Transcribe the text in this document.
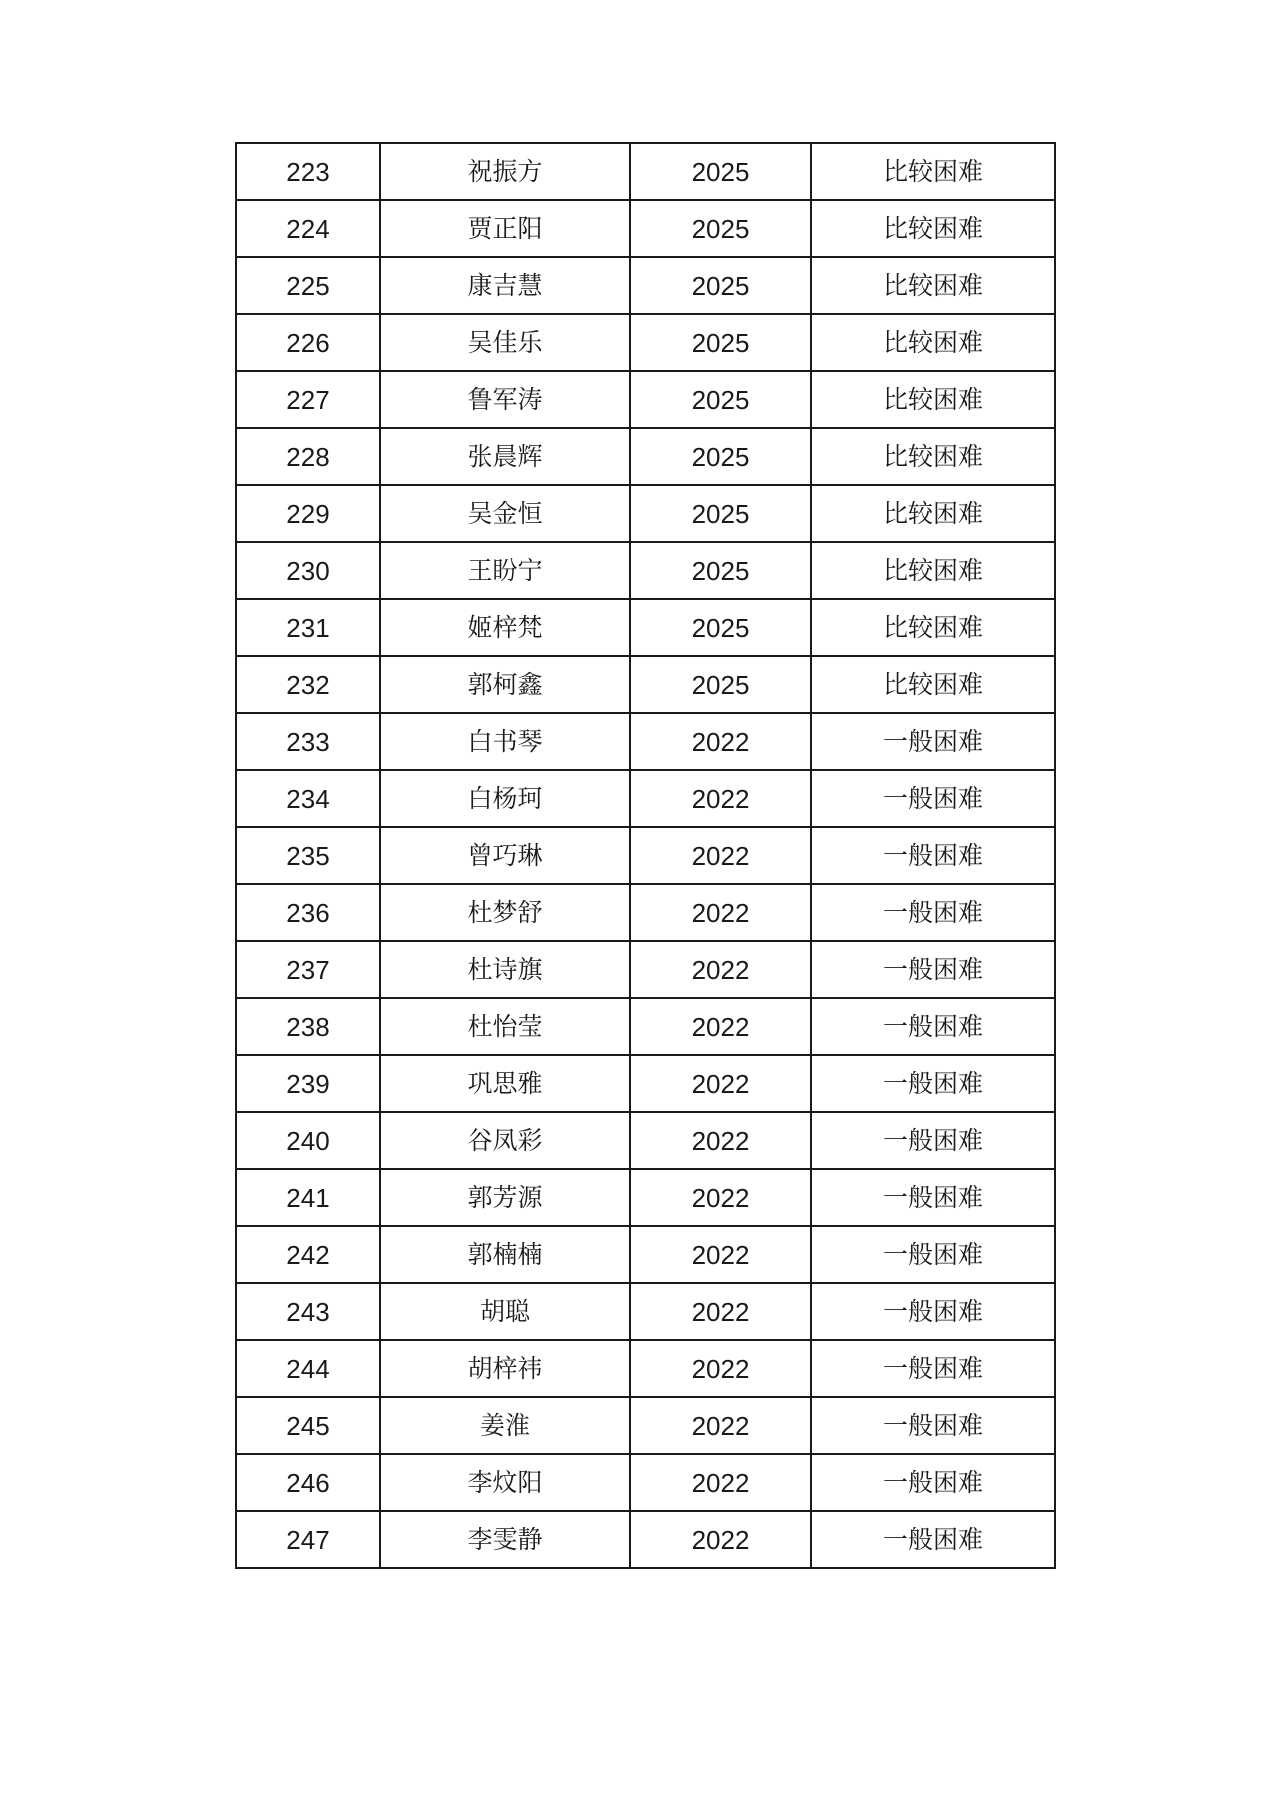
223	祝振方	2025	比较困难
224	贾正阳	2025	比较困难
225	康吉慧	2025	比较困难
226	吴佳乐	2025	比较困难
227	鲁军涛	2025	比较困难
228	张晨辉	2025	比较困难
229	吴金恒	2025	比较困难
230	王盼宁	2025	比较困难
231	姬梓梵	2025	比较困难
232	郭柯鑫	2025	比较困难
233	白书琴	2022	一般困难
234	白杨珂	2022	一般困难
235	曾巧琳	2022	一般困难
236	杜梦舒	2022	一般困难
237	杜诗旗	2022	一般困难
238	杜怡莹	2022	一般困难
239	巩思雅	2022	一般困难
240	谷凤彩	2022	一般困难
241	郭芳源	2022	一般困难
242	郭楠楠	2022	一般困难
243	胡聪	2022	一般困难
244	胡梓祎	2022	一般困难
245	姜淮	2022	一般困难
246	李炆阳	2022	一般困难
247	李雯静	2022	一般困难
